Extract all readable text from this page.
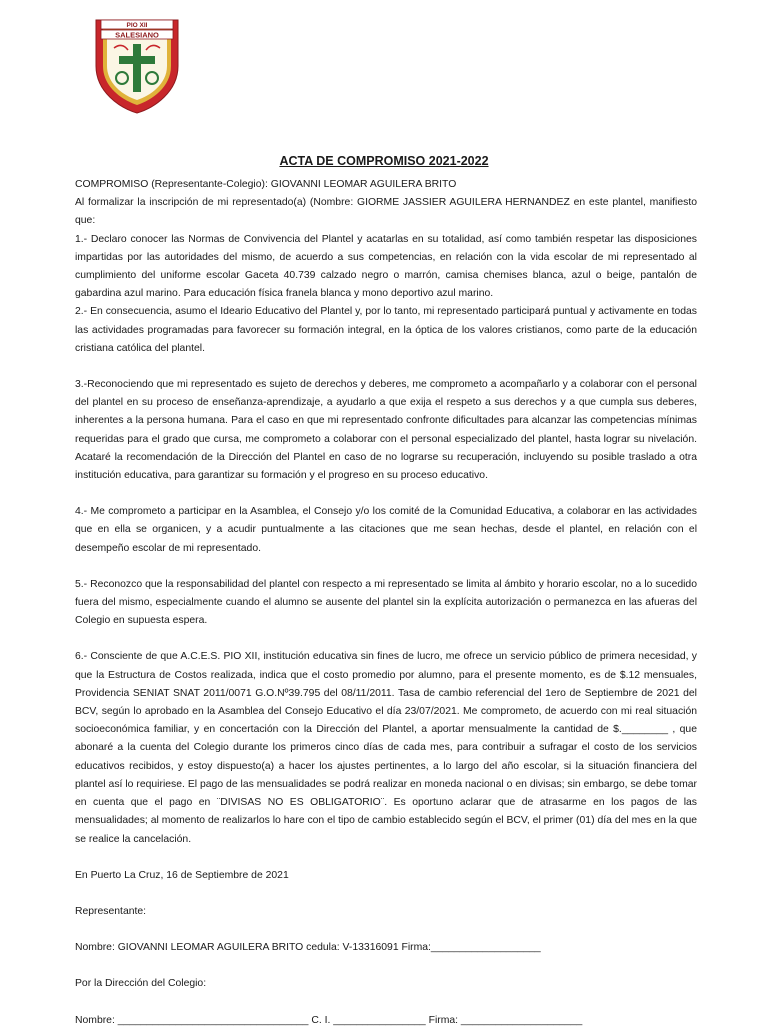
PIO XII
SALESIANO
ACTA DE COMPROMISO 2021-2022

COMPROMISO (Representante-Colegio): GIOVANNI LEOMAR AGUILERA BRITO

Al formalizar la inscripción de mi representado(a) (Nombre: GIORME JASSIER AGUILERA HERNANDEZ en este plantel, manifiesto que:

1.- Declaro conocer las Normas de Convivencia del Plantel y acatarlas en su totalidad, así como también respetar las disposiciones impartidas por las autoridades del mismo, de acuerdo a sus competencias, en relación con la vida escolar de mi representado al cumplimiento del uniforme escolar Gaceta 40.739 calzado negro o marrón, camisa chemises blanca, azul o beige, pantalón de gabardina azul marino. Para educación física franela blanca y mono deportivo azul marino.

2.- En consecuencia, asumo el Ideario Educativo del Plantel y, por lo tanto, mi representado participará puntual y activamente en todas las actividades programadas para favorecer su formación integral, en la óptica de los valores cristianos, como parte de la educación cristiana católica del plantel.

3.-Reconociendo que mi representado es sujeto de derechos y deberes, me comprometo a acompañarlo y a colaborar con el personal del plantel en su proceso de enseñanza-aprendizaje, a ayudarlo a que exija el respeto a sus derechos y a que cumpla sus deberes, inherentes a la persona humana. Para el caso en que mi representado confronte dificultades para alcanzar las competencias mínimas requeridas para el grado que cursa, me comprometo a colaborar con el personal especializado del plantel, hasta lograr su nivelación. Acataré la recomendación de la Dirección del Plantel en caso de no lograrse su recuperación, incluyendo su posible traslado a otra institución educativa, para garantizar su formación y el progreso en su proceso educativo.

4.- Me comprometo a participar en la Asamblea, el Consejo y/o los comité de la Comunidad Educativa, a colaborar en las actividades que en ella se organicen, y a acudir puntualmente a las citaciones que me sean hechas, desde el plantel, en relación con el desempeño escolar de mi representado.

5.- Reconozco que la responsabilidad del plantel con respecto a mi representado se limita al ámbito y horario escolar, no a lo sucedido fuera del mismo, especialmente cuando el alumno se ausente del plantel sin la explícita autorización o permanezca en las afueras del Colegio en supuesta espera.

6.- Consciente de que A.C.E.S. PIO XII, institución educativa sin fines de lucro, me ofrece un servicio público de primera necesidad, y que la Estructura de Costos realizada, indica que el costo promedio por alumno, para el presente momento, es de $.12 mensuales, Providencia SENIAT SNAT 2011/0071 G.O.Nº39.795 del 08/11/2011. Tasa de cambio referencial del 1ero de Septiembre de 2021 del BCV, según lo aprobado en la Asamblea del Consejo Educativo el día 23/07/2021. Me comprometo, de acuerdo con mi real situación socioeconómica familiar, y en concertación con la Dirección del Plantel, a aportar mensualmente la cantidad de $.________ , que abonaré a la cuenta del Colegio durante los primeros cinco días de cada mes, para contribuir a sufragar el costo de los servicios educativos recibidos, y estoy dispuesto(a) a hacer los ajustes pertinentes, a lo largo del año escolar, si la situación financiera del plantel así lo requiriese. El pago de las mensualidades se podrá realizar en moneda nacional o en divisas; sin embargo, se debe tomar en cuenta que el pago en ¨DIVISAS NO ES OBLIGATORIO¨. Es oportuno aclarar que de atrasarme en los pagos de las mensualidades; al momento de realizarlos lo hare con el tipo de cambio establecido según el BCV, el primer (01) día del mes en la que se realice la cancelación.

En Puerto La Cruz, 16 de Septiembre de 2021

Representante:

Nombre: GIOVANNI LEOMAR AGUILERA BRITO cedula: V-13316091 Firma:___________________

Por la Dirección del Colegio:

Nombre: _________________________________ C. I. ________________ Firma: _____________________
